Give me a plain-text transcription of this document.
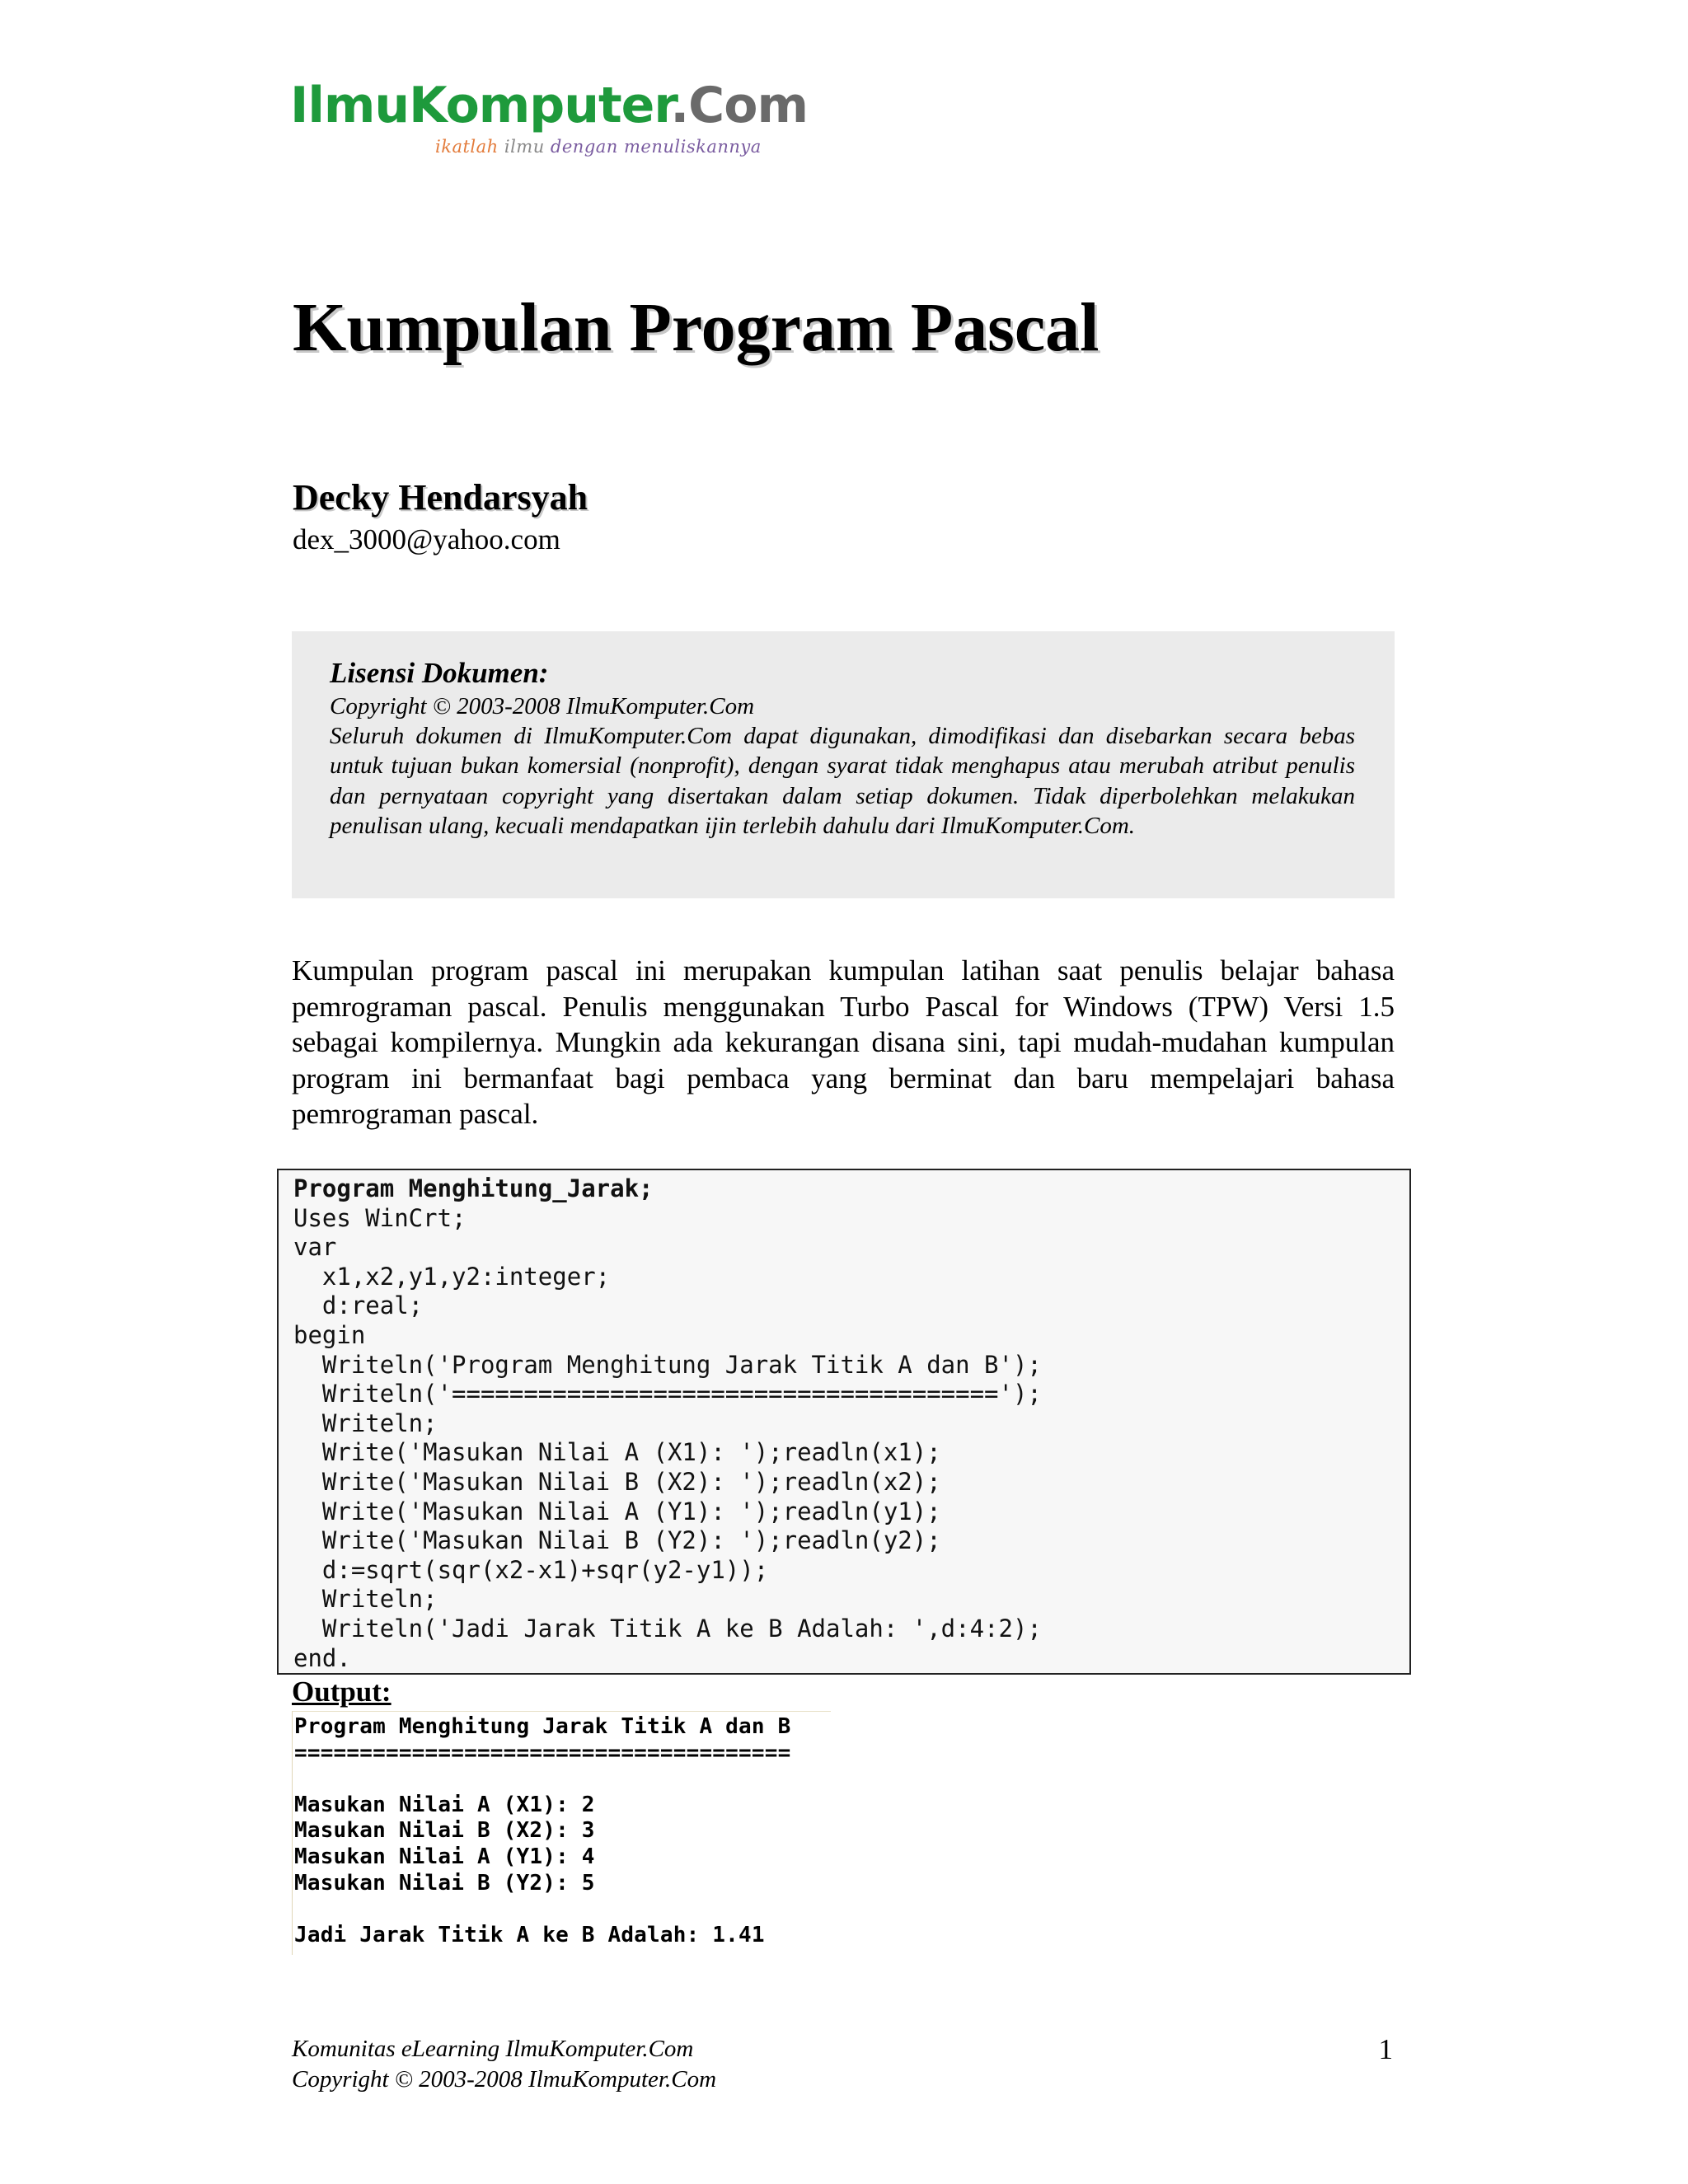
IlmuKomputer.Com
ikatlah ilmu dengan menuliskannya
Kumpulan Program Pascal
Decky Hendarsyah
dex_3000@yahoo.com
Lisensi Dokumen:
Copyright © 2003-2008 IlmuKomputer.Com
Seluruh dokumen di IlmuKomputer.Com dapat digunakan, dimodifikasi dan disebarkan secara bebas untuk tujuan bukan komersial (nonprofit), dengan syarat tidak menghapus atau merubah atribut penulis dan pernyataan copyright yang disertakan dalam setiap dokumen. Tidak diperbolehkan melakukan penulisan ulang, kecuali mendapatkan ijin terlebih dahulu dari IlmuKomputer.Com.

Kumpulan program pascal ini merupakan kumpulan latihan saat penulis belajar bahasa pemrograman pascal. Penulis menggunakan Turbo Pascal for Windows (TPW) Versi 1.5 sebagai kompilernya. Mungkin ada kekurangan disana sini, tapi mudah-mudahan kumpulan program ini bermanfaat bagi pembaca yang berminat dan baru mempelajari bahasa pemrograman pascal.

Program Menghitung_Jarak;
Uses WinCrt;
var
x1,x2,y1,y2:integer;
d:real;
begin
Writeln('Program Menghitung Jarak Titik A dan B');
Writeln('======================================');
Writeln;
Write('Masukan Nilai A (X1): ');readln(x1);
Write('Masukan Nilai B (X2): ');readln(x2);
Write('Masukan Nilai A (Y1): ');readln(y1);
Write('Masukan Nilai B (Y2): ');readln(y2);
d:=sqrt(sqr(x2-x1)+sqr(y2-y1));
Writeln;
Writeln('Jadi Jarak Titik A ke B Adalah: ',d:4:2);
end.
Output:
Program Menghitung Jarak Titik A dan B
======================================
Masukan Nilai A (X1): 2
Masukan Nilai B (X2): 3
Masukan Nilai A (Y1): 4
Masukan Nilai B (Y2): 5
Jadi Jarak Titik A ke B Adalah: 1.41
Komunitas eLearning IlmuKomputer.Com
Copyright © 2003-2008 IlmuKomputer.Com
1
